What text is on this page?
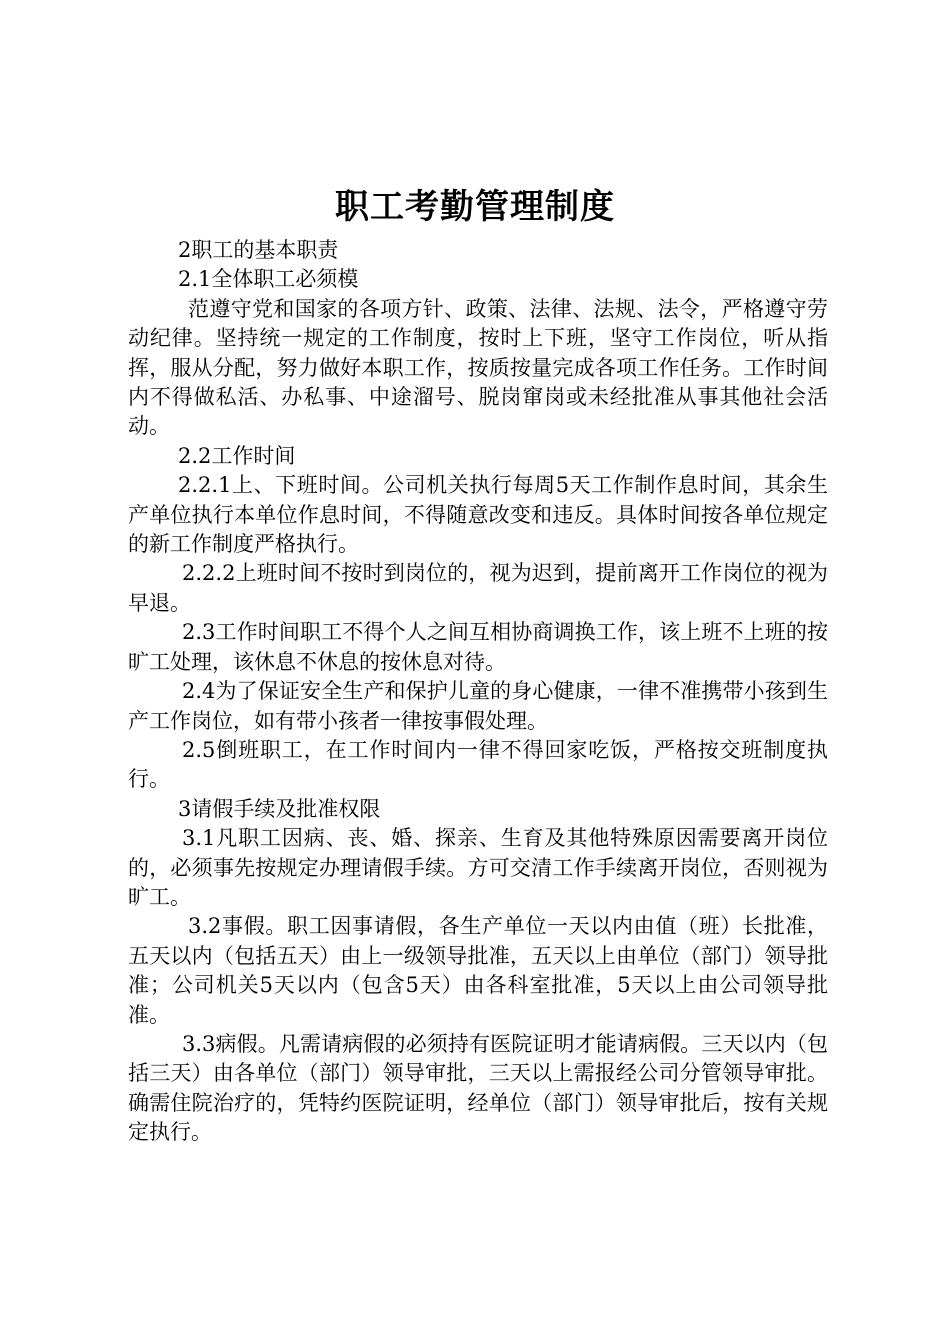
职工考勤管理制度

2职工的基本职责

2.1全体职工必须模

范遵守党和国家的各项方针、政策、法律、法规、法令，严格遵守劳动纪律。坚持统一规定的工作制度，按时上下班，坚守工作岗位，听从指挥，服从分配，努力做好本职工作，按质按量完成各项工作任务。工作时间内不得做私活、办私事、中途溜号、脱岗窜岗或未经批准从事其他社会活动。

2.2工作时间

2.2.1上、下班时间。公司机关执行每周5天工作制作息时间，其余生产单位执行本单位作息时间，不得随意改变和违反。具体时间按各单位规定的新工作制度严格执行。

2.2.2上班时间不按时到岗位的，视为迟到，提前离开工作岗位的视为早退。

2.3工作时间职工不得个人之间互相协商调换工作，该上班不上班的按旷工处理，该休息不休息的按休息对待。

2.4为了保证安全生产和保护儿童的身心健康，一律不准携带小孩到生产工作岗位，如有带小孩者一律按事假处理。

2.5倒班职工，在工作时间内一律不得回家吃饭，严格按交班制度执行。

3请假手续及批准权限

3.1凡职工因病、丧、婚、探亲、生育及其他特殊原因需要离开岗位的，必须事先按规定办理请假手续。方可交清工作手续离开岗位，否则视为旷工。

3.2事假。职工因事请假，各生产单位一天以内由值（班）长批准，五天以内（包括五天）由上一级领导批准，五天以上由单位（部门）领导批准；公司机关5天以内（包含5天）由各科室批准，5天以上由公司领导批准。

3.3病假。凡需请病假的必须持有医院证明才能请病假。三天以内（包括三天）由各单位（部门）领导审批，三天以上需报经公司分管领导审批。确需住院治疗的，凭特约医院证明，经单位（部门）领导审批后，按有关规定执行。
